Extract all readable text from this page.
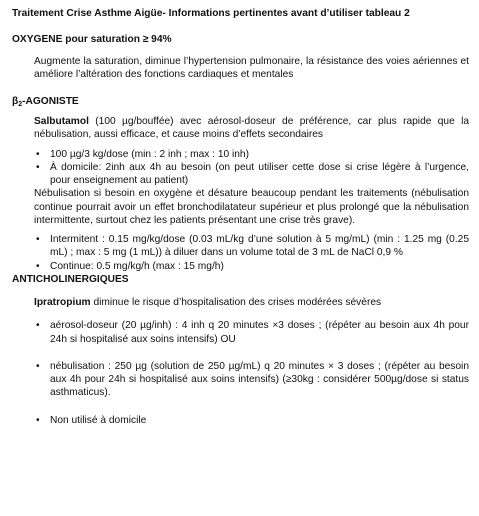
Traitement Crise Asthme Aigüe- Informations pertinentes avant d’utiliser tableau 2
OXYGENE pour saturation ≥ 94%
Augmente la saturation, diminue l’hypertension pulmonaire, la résistance des voies aériennes et améliore l’altération des fonctions cardiaques et mentales
β2-AGONISTE
Salbutamol (100 µg/bouffée) avec aérosol-doseur de préférence, car plus rapide que la nébulisation, aussi efficace, et cause moins d’effets secondaires
• 100 µg/3 kg/dose (min : 2 inh ; max : 10 inh)
• À domicile: 2inh aux 4h au besoin (on peut utiliser cette dose si crise légère à l’urgence, pour enseignement au patient)
Nébulisation si besoin en oxygène et désature beaucoup pendant les traitements (nébulisation continue pourrait avoir un effet bronchodilatateur supérieur et plus prolongé que la nébulisation intermittente, surtout chez les patients présentant une crise très grave).
• Intermitent : 0.15 mg/kg/dose (0.03 mL/kg d’une solution à 5 mg/mL) (min : 1.25 mg (0.25 mL) ; max : 5 mg (1 mL)) à diluer dans un volume total de 3 mL de NaCl 0,9 %
• Continue: 0.5 mg/kg/h (max : 15 mg/h)
ANTICHOLINERGIQUES
Ipratropium diminue le risque d’hospitalisation des crises modérées sévères
• aérosol-doseur (20 µg/inh) : 4 inh q 20 minutes ×3 doses ; (répéter au besoin aux 4h pour 24h si hospitalisé aux soins intensifs) OU
• nébulisation : 250 µg (solution de 250 µg/mL) q 20 minutes × 3 doses ; (répéter au besoin aux 4h pour 24h si hospitalisé aux soins intensifs) (≥30kg : considérer 500µg/dose si status asthmaticus).
• Non utilisé à domicile
